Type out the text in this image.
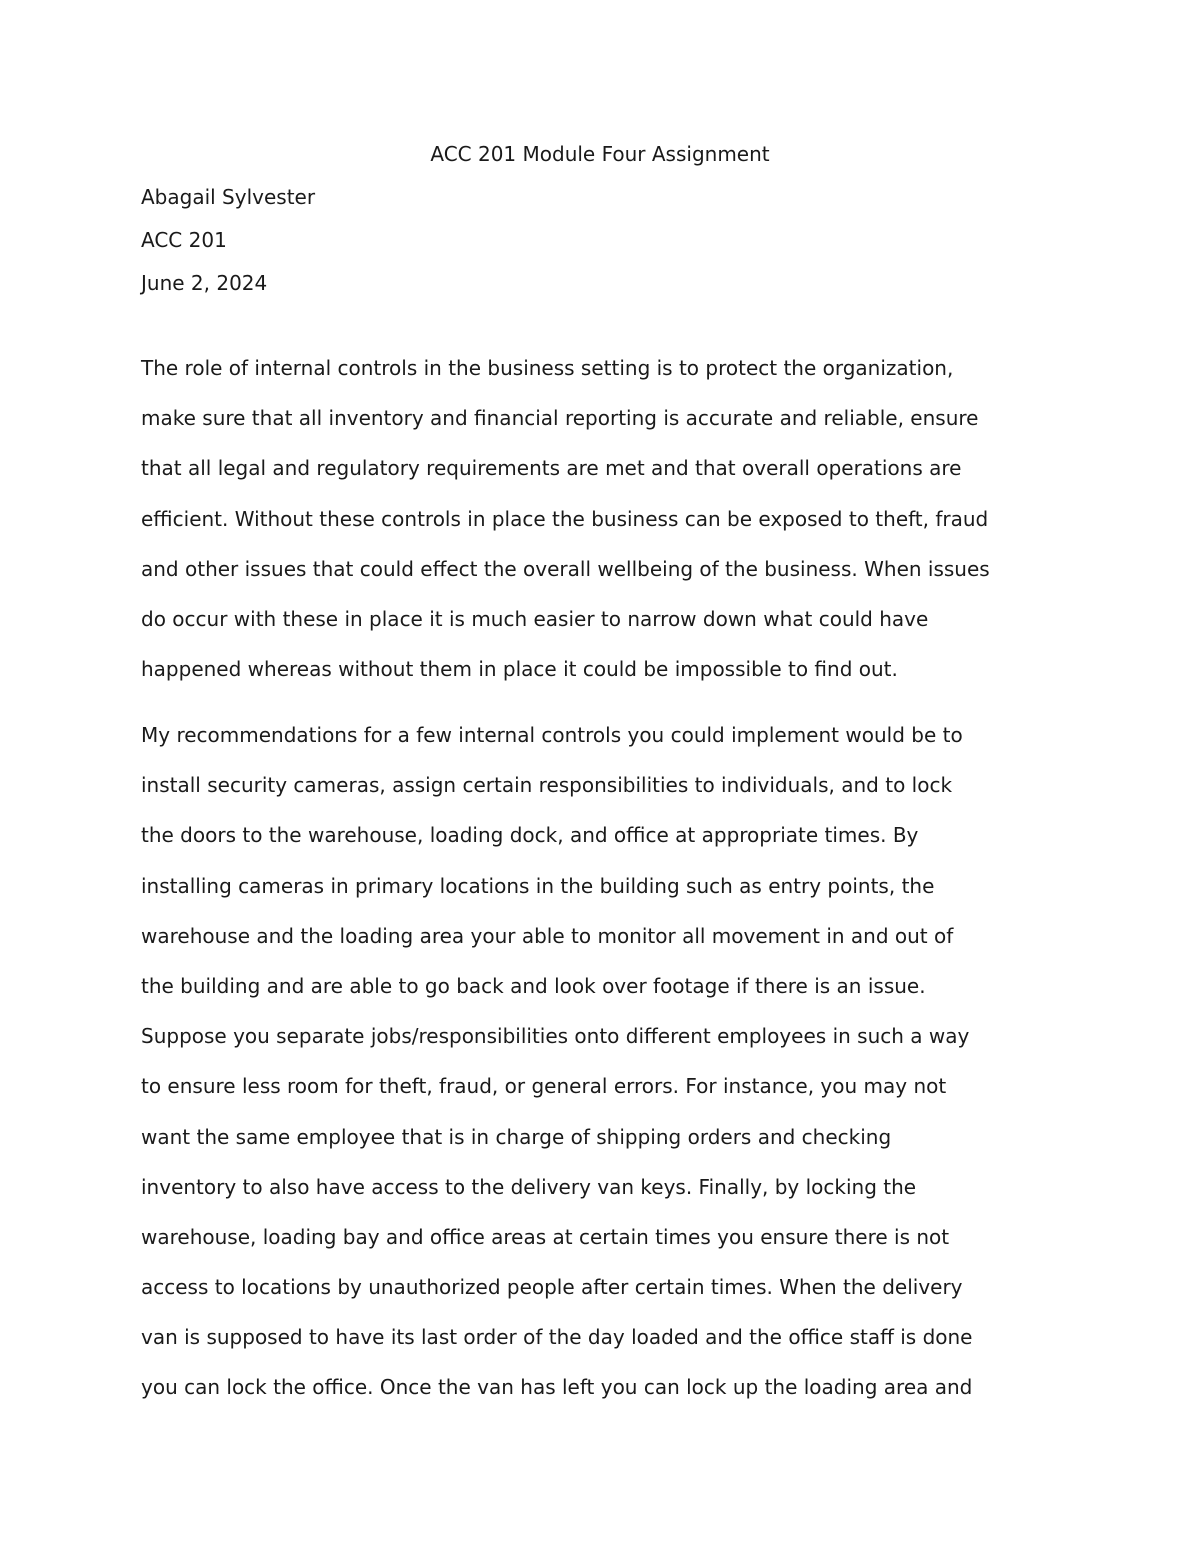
ACC 201 Module Four Assignment
Abagail Sylvester
ACC 201
June 2, 2024
The role of internal controls in the business setting is to protect the organization,
make sure that all inventory and financial reporting is accurate and reliable, ensure
that all legal and regulatory requirements are met and that overall operations are
efficient. Without these controls in place the business can be exposed to theft, fraud
and other issues that could effect the overall wellbeing of the business. When issues
do occur with these in place it is much easier to narrow down what could have
happened whereas without them in place it could be impossible to find out.
My recommendations for a few internal controls you could implement would be to
install security cameras, assign certain responsibilities to individuals, and to lock
the doors to the warehouse, loading dock, and office at appropriate times. By
installing cameras in primary locations in the building such as entry points, the
warehouse and the loading area your able to monitor all movement in and out of
the building and are able to go back and look over footage if there is an issue.
Suppose you separate jobs/responsibilities onto different employees in such a way
to ensure less room for theft, fraud, or general errors. For instance, you may not
want the same employee that is in charge of shipping orders and checking
inventory to also have access to the delivery van keys. Finally, by locking the
warehouse, loading bay and office areas at certain times you ensure there is not
access to locations by unauthorized people after certain times. When the delivery
van is supposed to have its last order of the day loaded and the office staff is done
you can lock the office. Once the van has left you can lock up the loading area and
